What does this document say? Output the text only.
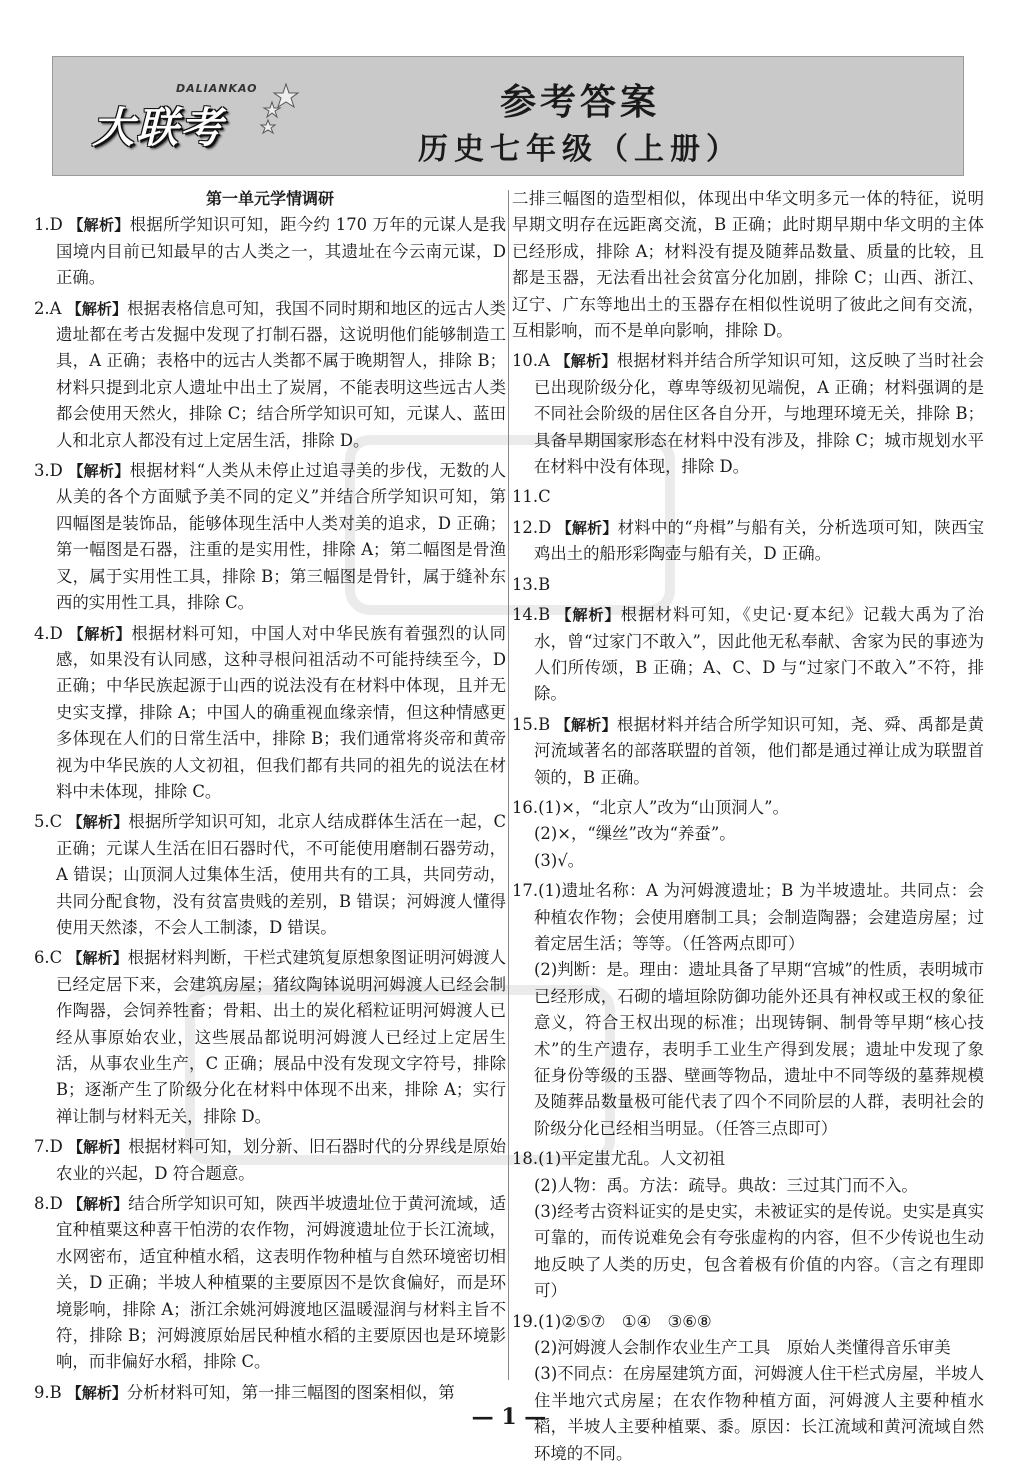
DALIANKAO
大联考
参考答案
历史七年级（上册）
第一单元学情调研
1.D 【解析】根据所学知识可知，距今约 170 万年的元谋人是我国境内目前已知最早的古人类之一，其遗址在今云南元谋，D 正确。
2.A 【解析】根据表格信息可知，我国不同时期和地区的远古人类遗址都在考古发掘中发现了打制石器，这说明他们能够制造工具，A 正确；表格中的远古人类都不属于晚期智人，排除 B；材料只提到北京人遗址中出土了炭屑，不能表明这些远古人类都会使用天然火，排除 C；结合所学知识可知，元谋人、蓝田人和北京人都没有过上定居生活，排除 D。
3.D 【解析】根据材料“人类从未停止过追寻美的步伐，无数的人从美的各个方面赋予美不同的定义”并结合所学知识可知，第四幅图是装饰品，能够体现生活中人类对美的追求，D 正确；第一幅图是石器，注重的是实用性，排除 A；第二幅图是骨渔叉，属于实用性工具，排除 B；第三幅图是骨针，属于缝补东西的实用性工具，排除 C。
4.D 【解析】根据材料可知，中国人对中华民族有着强烈的认同感，如果没有认同感，这种寻根问祖活动不可能持续至今，D 正确；中华民族起源于山西的说法没有在材料中体现，且并无史实支撑，排除 A；中国人的确重视血缘亲情，但这种情感更多体现在人们的日常生活中，排除 B；我们通常将炎帝和黄帝视为中华民族的人文初祖，但我们都有共同的祖先的说法在材料中未体现，排除 C。
5.C 【解析】根据所学知识可知，北京人结成群体生活在一起，C 正确；元谋人生活在旧石器时代，不可能使用磨制石器劳动，A 错误；山顶洞人过集体生活，使用共有的工具，共同劳动，共同分配食物，没有贫富贵贱的差别，B 错误；河姆渡人懂得使用天然漆，不会人工制漆，D 错误。
6.C 【解析】根据材料判断，干栏式建筑复原想象图证明河姆渡人已经定居下来，会建筑房屋；猪纹陶钵说明河姆渡人已经会制作陶器，会饲养牲畜；骨耜、出土的炭化稻粒证明河姆渡人已经从事原始农业，这些展品都说明河姆渡人已经过上定居生活，从事农业生产，C 正确；展品中没有发现文字符号，排除 B；逐渐产生了阶级分化在材料中体现不出来，排除 A；实行禅让制与材料无关，排除 D。
7.D 【解析】根据材料可知，划分新、旧石器时代的分界线是原始农业的兴起，D 符合题意。
8.D 【解析】结合所学知识可知，陕西半坡遗址位于黄河流域，适宜种植粟这种喜干怕涝的农作物，河姆渡遗址位于长江流域，水网密布，适宜种植水稻，这表明作物种植与自然环境密切相关，D 正确；半坡人种植粟的主要原因不是饮食偏好，而是环境影响，排除 A；浙江余姚河姆渡地区温暖湿润与材料主旨不符，排除 B；河姆渡原始居民种植水稻的主要原因也是环境影响，而非偏好水稻，排除 C。
9.B 【解析】分析材料可知，第一排三幅图的图案相似，第
二排三幅图的造型相似，体现出中华文明多元一体的特征，说明早期文明存在远距离交流，B 正确；此时期早期中华文明的主体已经形成，排除 A；材料没有提及随葬品数量、质量的比较，且都是玉器，无法看出社会贫富分化加剧，排除 C；山西、浙江、辽宁、广东等地出土的玉器存在相似性说明了彼此之间有交流，互相影响，而不是单向影响，排除 D。
10.A 【解析】根据材料并结合所学知识可知，这反映了当时社会已出现阶级分化，尊卑等级初见端倪，A 正确；材料强调的是不同社会阶级的居住区各自分开，与地理环境无关，排除 B；具备早期国家形态在材料中没有涉及，排除 C；城市规划水平在材料中没有体现，排除 D。
11.C
12.D 【解析】材料中的“舟楫”与船有关，分析选项可知，陕西宝鸡出土的船形彩陶壶与船有关，D 正确。
13.B
14.B 【解析】根据材料可知，《史记·夏本纪》记载大禹为了治水，曾“过家门不敢入”，因此他无私奉献、舍家为民的事迹为人们所传颂，B 正确；A、C、D 与“过家门不敢入”不符，排除。
15.B 【解析】根据材料并结合所学知识可知，尧、舜、禹都是黄河流域著名的部落联盟的首领，他们都是通过禅让成为联盟首领的，B 正确。
16.(1)×，“北京人”改为“山顶洞人”。
(2)×，“缫丝”改为“养蚕”。
(3)√。
17.(1)遗址名称：A 为河姆渡遗址；B 为半坡遗址。共同点：会种植农作物；会使用磨制工具；会制造陶器；会建造房屋；过着定居生活；等等。（任答两点即可）
(2)判断：是。理由：遗址具备了早期“宫城”的性质，表明城市已经形成，石砌的墙垣除防御功能外还具有神权或王权的象征意义，符合王权出现的标准；出现铸铜、制骨等早期“核心技术”的生产遗存，表明手工业生产得到发展；遗址中发现了象征身份等级的玉器、壁画等物品，遗址中不同等级的墓葬规模及随葬品数量极可能代表了四个不同阶层的人群，表明社会的阶级分化已经相当明显。（任答三点即可）
18.(1)平定蚩尤乱。人文初祖
(2)人物：禹。方法：疏导。典故：三过其门而不入。
(3)经考古资料证实的是史实，未被证实的是传说。史实是真实可靠的，而传说难免会有夸张虚构的内容，但不少传说也生动地反映了人类的历史，包含着极有价值的内容。（言之有理即可）
19.(1)②⑤⑦　①④　③⑥⑧
(2)河姆渡人会制作农业生产工具　原始人类懂得音乐审美
(3)不同点：在房屋建筑方面，河姆渡人住干栏式房屋，半坡人住半地穴式房屋；在农作物种植方面，河姆渡人主要种植水稻，半坡人主要种植粟、黍。原因：长江流域和黄河流域自然环境的不同。
— 1 —
